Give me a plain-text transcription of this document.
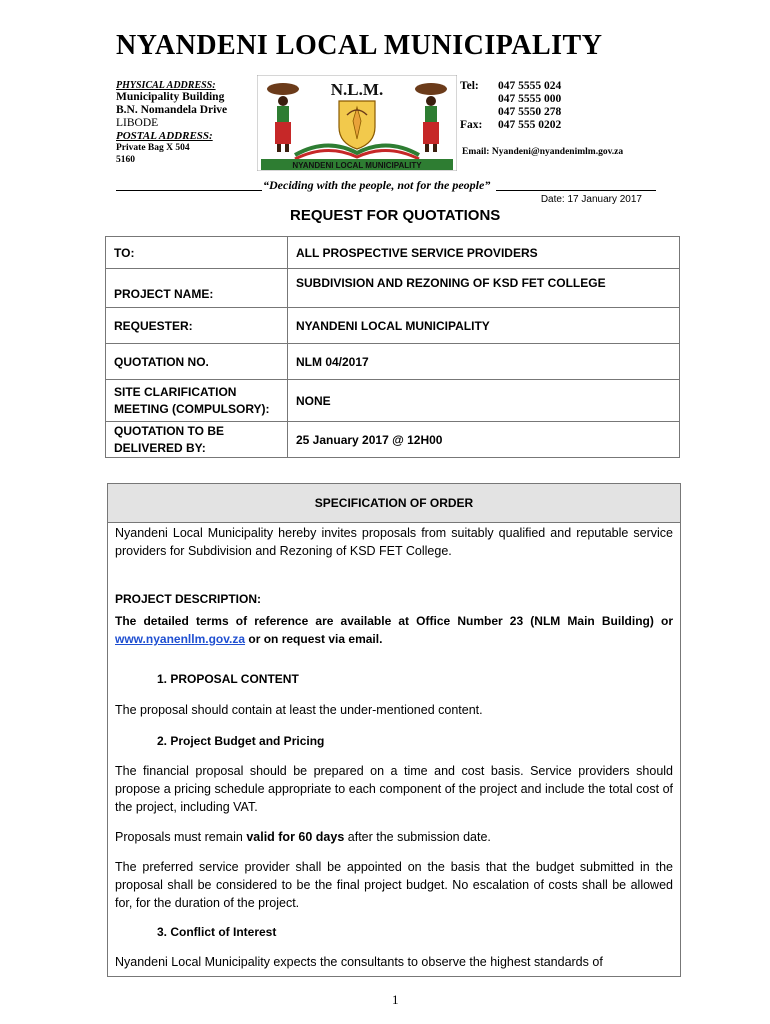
NYANDENI LOCAL MUNICIPALITY
PHYSICAL ADDRESS:
Municipality Building
B.N. Nomandela Drive
LIBODE
POSTAL ADDRESS:
Private Bag X 504
5160
N.L.M.
NYANDENI LOCAL MUNICIPALITY
Tel:	047 5555 024
047 5555 000
047 5550 278
Fax:	047 555 0202
Email: Nyandeni@nyandenimlm.gov.za
“Deciding with the people, not for the people”
Date: 17 January 2017
REQUEST FOR QUOTATIONS
TO:	ALL PROSPECTIVE SERVICE PROVIDERS
PROJECT NAME:	SUBDIVISION AND REZONING OF KSD FET COLLEGE
REQUESTER:	NYANDENI LOCAL MUNICIPALITY
QUOTATION NO.	NLM 04/2017
SITE CLARIFICATION MEETING (COMPULSORY):	NONE
QUOTATION TO BE DELIVERED BY:	25 January 2017 @ 12H00
SPECIFICATION OF ORDER
Nyandeni Local Municipality hereby invites proposals from suitably qualified and reputable service providers for Subdivision and Rezoning of KSD FET College.
PROJECT DESCRIPTION:
The detailed terms of reference are available at Office Number 23 (NLM Main Building) or www.nyanenllm.gov.za or on request via email.
1. PROPOSAL CONTENT
The proposal should contain at least the under-mentioned content.
2. Project Budget and Pricing
The financial proposal should be prepared on a time and cost basis. Service providers should propose a pricing schedule appropriate to each component of the project and include the total cost of the project, including VAT.
Proposals must remain valid for 60 days after the submission date.
The preferred service provider shall be appointed on the basis that the budget submitted in the proposal shall be considered to be the final project budget. No escalation of costs shall be allowed for, for the duration of the project.
3. Conflict of Interest
Nyandeni Local Municipality expects the consultants to observe the highest standards of
1
